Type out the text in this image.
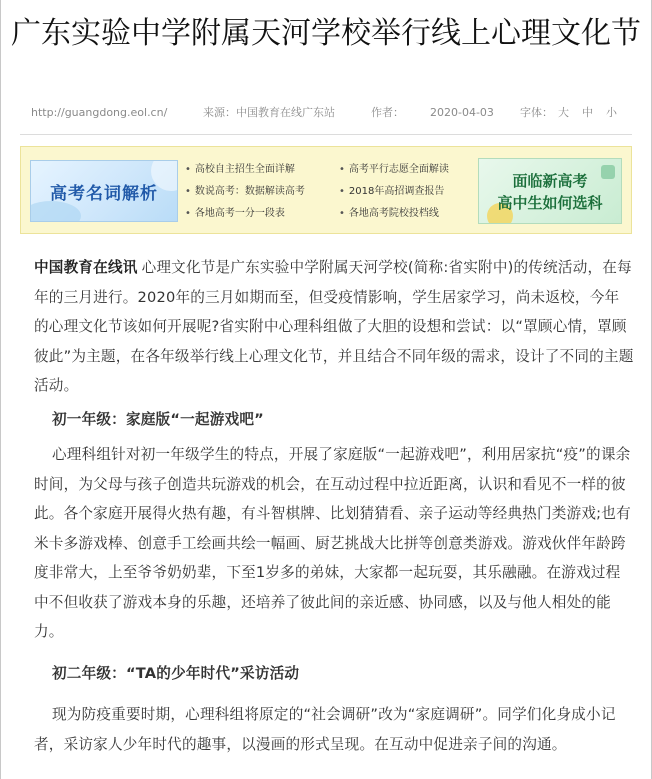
广东实验中学附属天河学校举行线上心理文化节
http://guangdong.eol.cn/	来源：中国教育在线广东站	作者： 2020-04-03 字体： 大 中 小
高考名词解析
• 高校自主招生全面详解	• 高考平行志愿全面解读
• 数说高考：数据解读高考	• 2018年高招调查报告
• 各地高考一分一段表	• 各地高考院校投档线
面临新高考
高中生如何选科

中国教育在线讯 心理文化节是广东实验中学附属天河学校(简称:省实附中)的传统活动，在每年的三月进行。2020年的三月如期而至，但受疫情影响，学生居家学习，尚未返校，今年的心理文化节该如何开展呢?省实附中心理科组做了大胆的设想和尝试：以“罩顾心情，罩顾彼此”为主题，在各年级举行线上心理文化节，并且结合不同年级的需求，设计了不同的主题活动。

初一年级：家庭版“一起游戏吧”

心理科组针对初一年级学生的特点，开展了家庭版“一起游戏吧”，利用居家抗“疫”的课余时间，为父母与孩子创造共玩游戏的机会，在互动过程中拉近距离，认识和看见不一样的彼此。各个家庭开展得火热有趣，有斗智棋牌、比划猜猜看、亲子运动等经典热门类游戏;也有米卡多游戏棒、创意手工绘画共绘一幅画、厨艺挑战大比拼等创意类游戏。游戏伙伴年龄跨度非常大，上至爷爷奶奶辈，下至1岁多的弟妹，大家都一起玩耍，其乐融融。在游戏过程中不但收获了游戏本身的乐趣，还培养了彼此间的亲近感、协同感，以及与他人相处的能力。

初二年级：“TA的少年时代”采访活动

现为防疫重要时期，心理科组将原定的“社会调研”改为“家庭调研”。同学们化身成小记者，采访家人少年时代的趣事，以漫画的形式呈现。在互动中促进亲子间的沟通。
